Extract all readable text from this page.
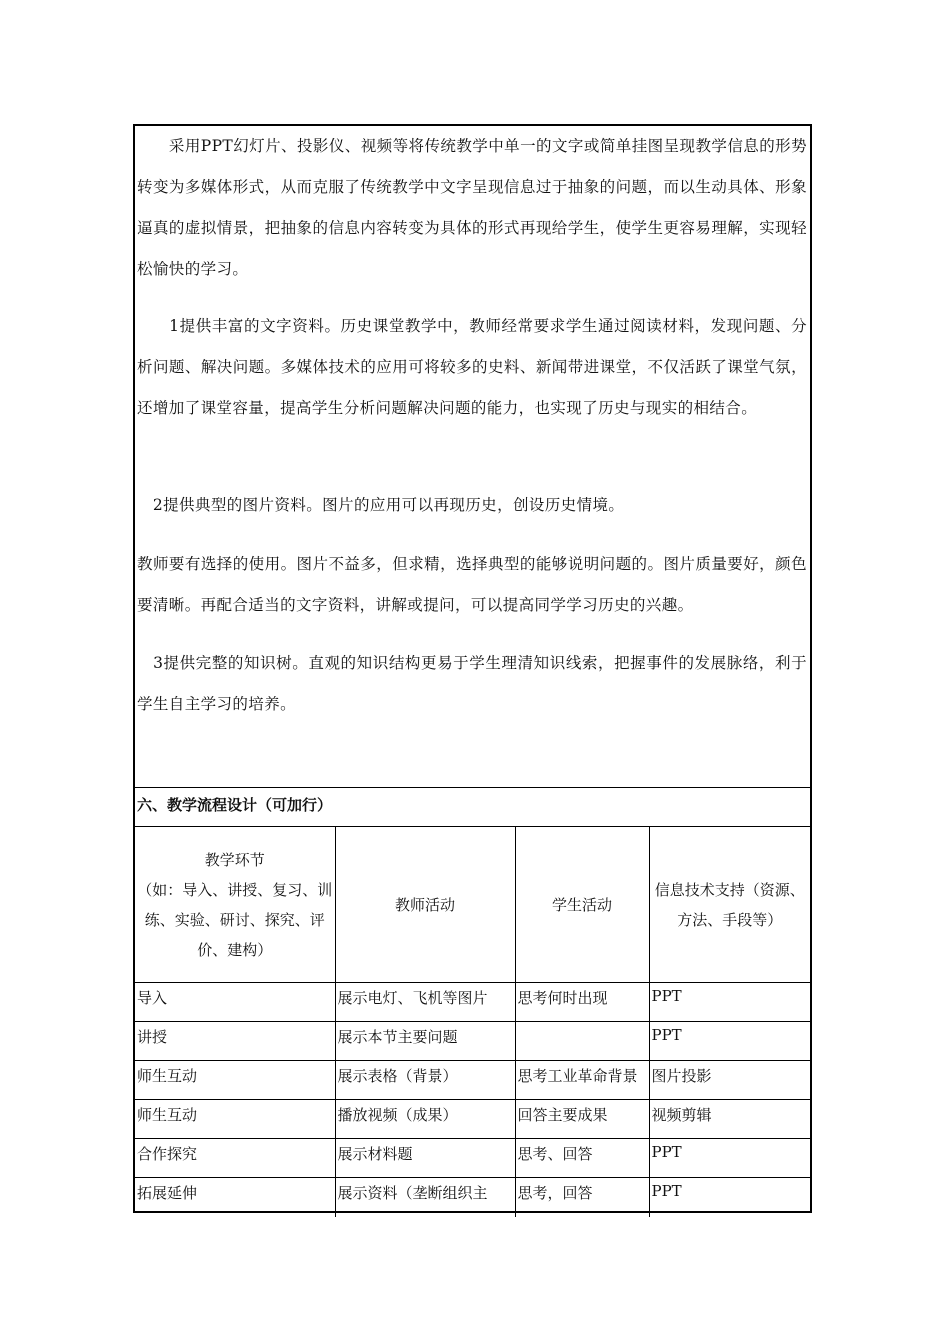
　　采用PPT幻灯片、投影仪、视频等将传统教学中单一的文字或简单挂图呈现教学信息的形势转变为多媒体形式，从而克服了传统教学中文字呈现信息过于抽象的问题，而以生动具体、形象逼真的虚拟情景，把抽象的信息内容转变为具体的形式再现给学生，使学生更容易理解，实现轻松愉快的学习。

　　1提供丰富的文字资料。历史课堂教学中，教师经常要求学生通过阅读材料，发现问题、分析问题、解决问题。多媒体技术的应用可将较多的史料、新闻带进课堂，不仅活跃了课堂气氛，还增加了课堂容量，提高学生分析问题解决问题的能力，也实现了历史与现实的相结合。

　2提供典型的图片资料。图片的应用可以再现历史，创设历史情境。

教师要有选择的使用。图片不益多，但求精，选择典型的能够说明问题的。图片质量要好，颜色要清晰。再配合适当的文字资料，讲解或提问，可以提高同学学习历史的兴趣。

　3提供完整的知识树。直观的知识结构更易于学生理清知识线索，把握事件的发展脉络，利于学生自主学习的培养。

六、教学流程设计（可加行）
教学环节
（如：导入、讲授、复习、训练、实验、研讨、探究、评价、建构）	教师活动	学生活动	信息技术支持（资源、方法、手段等）
导入	展示电灯、飞机等图片	思考何时出现	PPT
讲授	展示本节主要问题		PPT
师生互动	展示表格（背景）	思考工业革命背景	图片投影
师生互动	播放视频（成果）	回答主要成果	视频剪辑
合作探究	展示材料题	思考、回答	PPT
拓展延伸	展示资料（垄断组织主	思考，回答	PPT
